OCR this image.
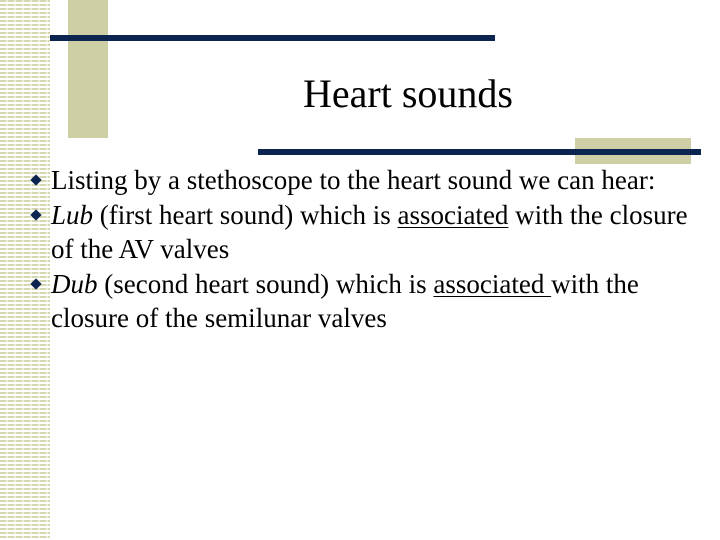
Heart sounds
Listing by a stethoscope to the heart sound we can hear:
Lub (first heart sound) which is associated with the closure of the AV valves
Dub (second heart sound) which is associated with the closure of the semilunar valves
